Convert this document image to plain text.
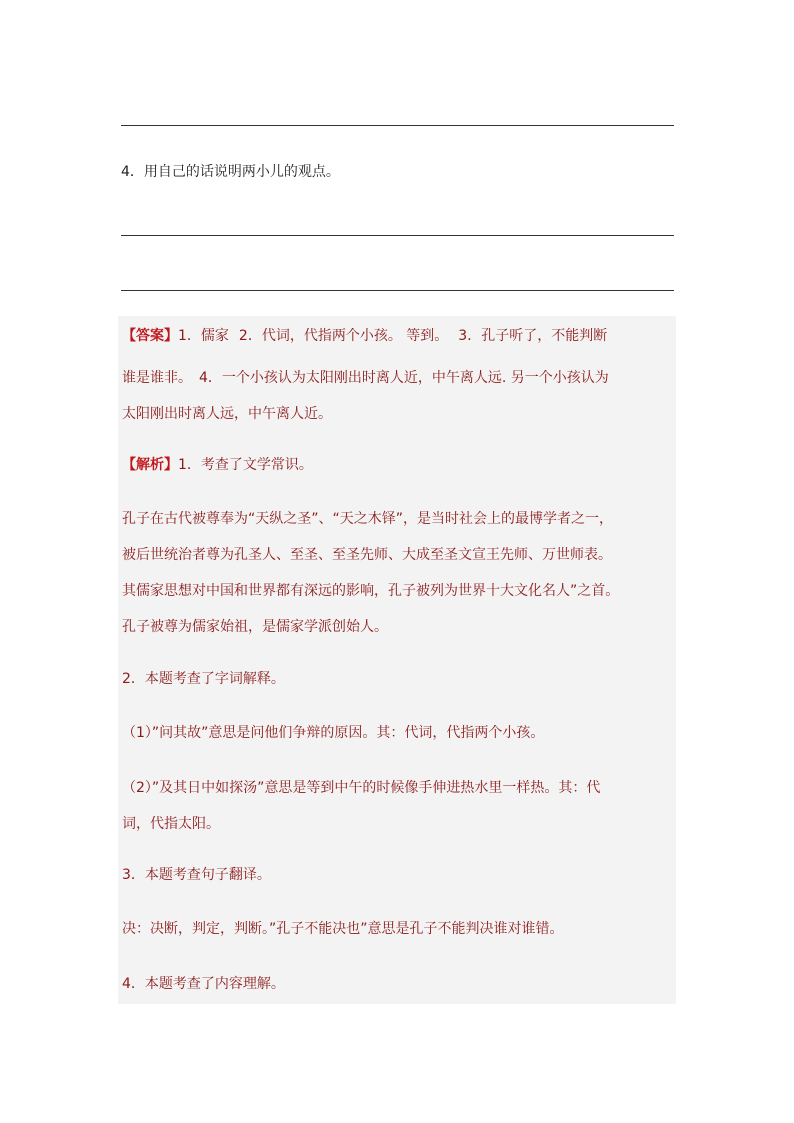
4．用自己的话说明两小儿的观点。
【答案】1．儒家 2．代词，代指两个小孩。 等到。 3．孔子听了，不能判断
谁是谁非。　4．一个小孩认为太阳刚出时离人近，中午离人远. 另一个小孩认为
太阳刚出时离人远，中午离人近。
【解析】1．考查了文学常识。
孔子在古代被尊奉为“天纵之圣”、“天之木铎”，是当时社会上的最博学者之一，
被后世统治者尊为孔圣人、至圣、至圣先师、大成至圣文宣王先师、万世师表。
其儒家思想对中国和世界都有深远的影响，孔子被列为世界十大文化名人”之首。
孔子被尊为儒家始祖，是儒家学派创始人。
2．本题考查了字词解释。
（1）”问其故”意思是问他们争辩的原因。其：代词，代指两个小孩。
（2）”及其日中如探汤”意思是等到中午的时候像手伸进热水里一样热。其：代
词，代指太阳。
3．本题考查句子翻译。
决：决断，判定，判断。”孔子不能决也”意思是孔子不能判决谁对谁错。
4．本题考查了内容理解。
